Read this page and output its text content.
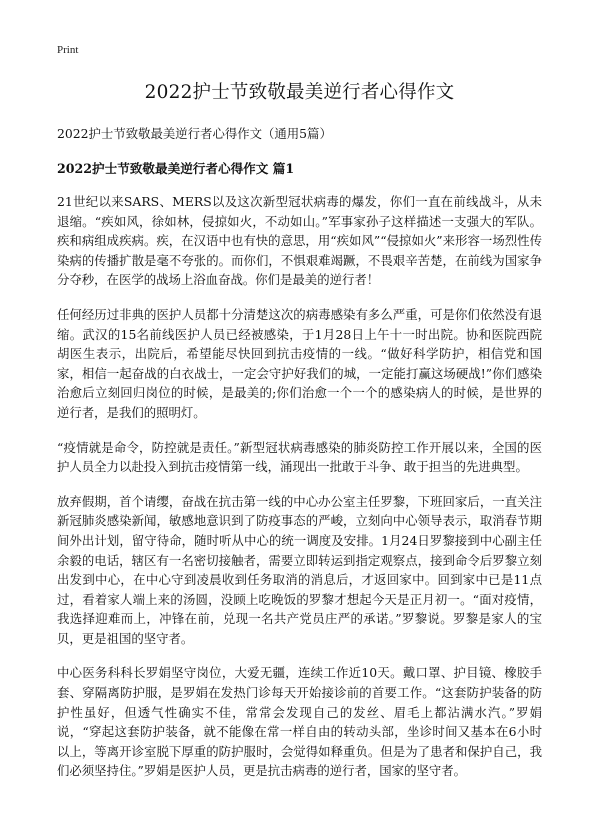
Print
2022护士节致敬最美逆行者心得作文
2022护士节致敬最美逆行者心得作文（通用5篇）
2022护士节致敬最美逆行者心得作文 篇1

21世纪以来SARS、MERS以及这次新型冠状病毒的爆发，你们一直在前线战斗，从未退缩。“疾如风，徐如林，侵掠如火，不动如山。”军事家孙子这样描述一支强大的军队。疾和病组成疾病。疾，在汉语中也有快的意思，用“疾如风”“侵掠如火”来形容一场烈性传染病的传播扩散是毫不夸张的。而你们，不惧艰难竭蹶，不畏艰辛苦楚，在前线为国家争分夺秒，在医学的战场上浴血奋战。你们是最美的逆行者！

任何经历过非典的医护人员都十分清楚这次的病毒感染有多么严重，可是你们依然没有退缩。武汉的15名前线医护人员已经被感染，于1月28日上午十一时出院。协和医院西院胡医生表示，出院后，希望能尽快回到抗击疫情的一线。“做好科学防护，相信党和国家，相信一起奋战的白衣战士，一定会守护好我们的城，一定能打赢这场硬战!”你们感染治愈后立刻回归岗位的时候，是最美的;你们治愈一个一个的感染病人的时候，是世界的逆行者，是我们的照明灯。

“疫情就是命令，防控就是责任。”新型冠状病毒感染的肺炎防控工作开展以来，全国的医护人员全力以赴投入到抗击疫情第一线，涌现出一批敢于斗争、敢于担当的先进典型。

放弃假期，首个请缨，奋战在抗击第一线的中心办公室主任罗黎，下班回家后，一直关注新冠肺炎感染新闻，敏感地意识到了防疫事态的严峻，立刻向中心领导表示，取消春节期间外出计划，留守待命，随时听从中心的统一调度及安排。1月24日罗黎接到中心副主任余毅的电话，辖区有一名密切接触者，需要立即转运到指定观察点，接到命令后罗黎立刻出发到中心，在中心守到凌晨收到任务取消的消息后，才返回家中。回到家中已是11点过，看着家人端上来的汤圆，没顾上吃晚饭的罗黎才想起今天是正月初一。“面对疫情，我选择迎难而上，冲锋在前，兑现一名共产党员庄严的承诺。”罗黎说。罗黎是家人的宝贝，更是祖国的坚守者。

中心医务科科长罗娟坚守岗位，大爱无疆，连续工作近10天。戴口罩、护目镜、橡胶手套、穿隔离防护服，是罗娟在发热门诊每天开始接诊前的首要工作。“这套防护装备的防护性虽好，但透气性确实不佳，常常会发现自己的发丝、眉毛上都沾满水汽。”罗娟说，“穿起这套防护装备，就不能像在常一样自由的转动头部，坐诊时间又基本在6小时以上，等离开诊室脱下厚重的防护服时，会觉得如释重负。但是为了患者和保护自己，我们必须坚持住。”罗娟是医护人员，更是抗击病毒的逆行者，国家的坚守者。
